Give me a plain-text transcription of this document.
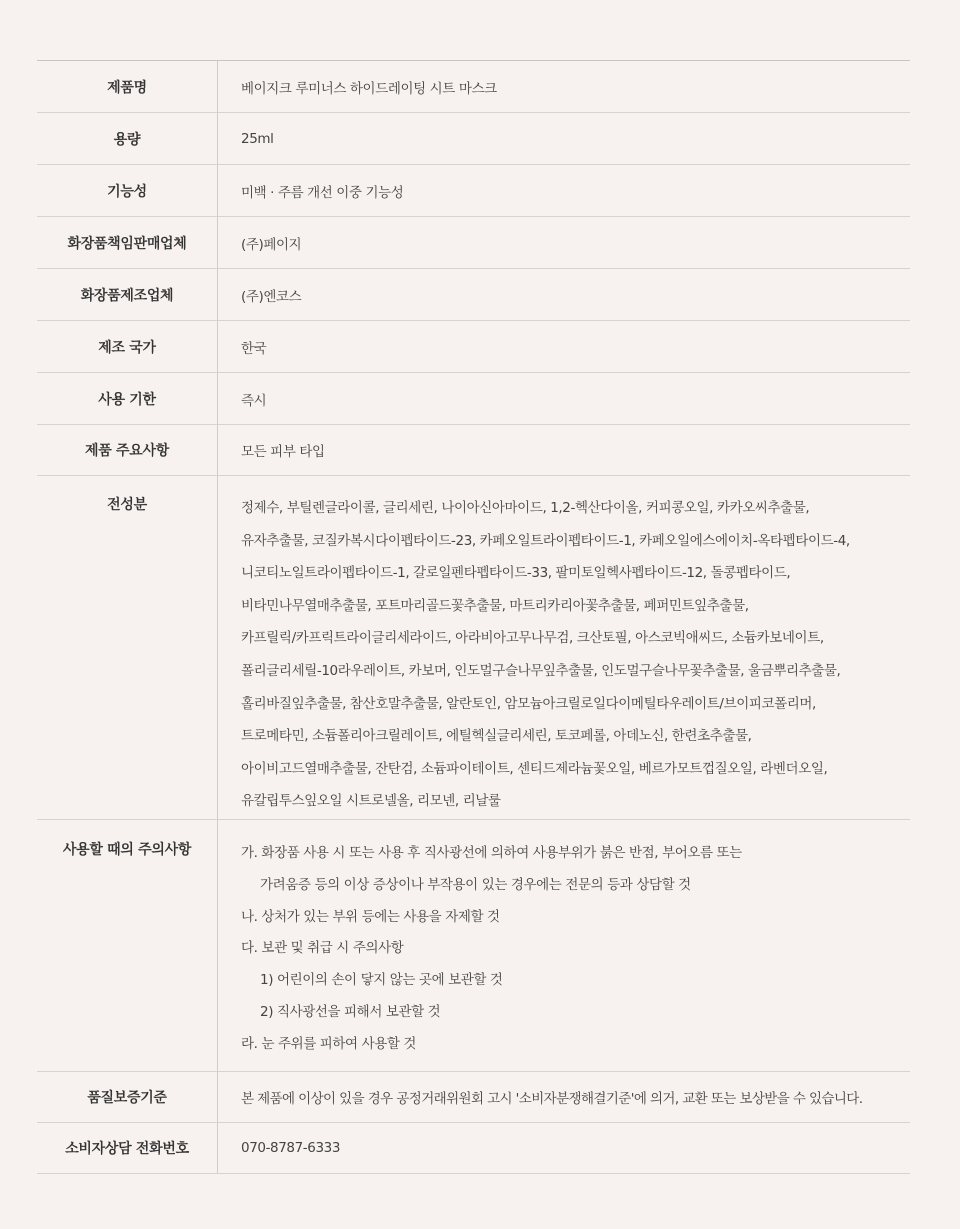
제품명	베이지크 루미너스 하이드레이팅 시트 마스크
용량	25ml
기능성	미백 · 주름 개선 이중 기능성
화장품책임판매업체	(주)페이지
화장품제조업체	(주)엔코스
제조 국가	한국
사용 기한	즉시
제품 주요사항	모든 피부 타입
전성분	정제수, 부틸렌글라이콜, 글리세린, 나이아신아마이드, 1,2-헥산다이올, 커피콩오일, 카카오씨추출물,
유자추출물, 코질카복시다이펩타이드-23, 카페오일트라이펩타이드-1, 카페오일에스에이치-옥타펩타이드-4,
니코티노일트라이펩타이드-1, 갈로일펜타펩타이드-33, 팔미토일헥사펩타이드-12, 돌콩펩타이드,
비타민나무열매추출물, 포트마리골드꽃추출물, 마트리카리아꽃추출물, 페퍼민트잎추출물,
카프릴릭/카프릭트라이글리세라이드, 아라비아고무나무검, 크산토필, 아스코빅애씨드, 소듐카보네이트,
폴리글리세릴-10라우레이트, 카보머, 인도멀구슬나무잎추출물, 인도멀구슬나무꽃추출물, 울금뿌리추출물,
홀리바질잎추출물, 참산호말추출물, 알란토인, 암모늄아크릴로일다이메틸타우레이트/브이피코폴리머,
트로메타민, 소듐폴리아크릴레이트, 에틸헥실글리세린, 토코페롤, 아데노신, 한련초추출물,
아이비고드열매추출물, 잔탄검, 소듐파이테이트, 센티드제라늄꽃오일, 베르가모트껍질오일, 라벤더오일,
유칼립투스잎오일 시트로넬올, 리모넨, 리날룰
사용할 때의 주의사항	가. 화장품 사용 시 또는 사용 후 직사광선에 의하여 사용부위가 붉은 반점, 부어오름 또는
가려움증 등의 이상 증상이나 부작용이 있는 경우에는 전문의 등과 상담할 것
나. 상처가 있는 부위 등에는 사용을 자제할 것
다. 보관 및 취급 시 주의사항
1) 어린이의 손이 닿지 않는 곳에 보관할 것
2) 직사광선을 피해서 보관할 것
라. 눈 주위를 피하여 사용할 것
품질보증기준	본 제품에 이상이 있을 경우 공정거래위원회 고시 '소비자분쟁해결기준'에 의거, 교환 또는 보상받을 수 있습니다.
소비자상담 전화번호	070-8787-6333
